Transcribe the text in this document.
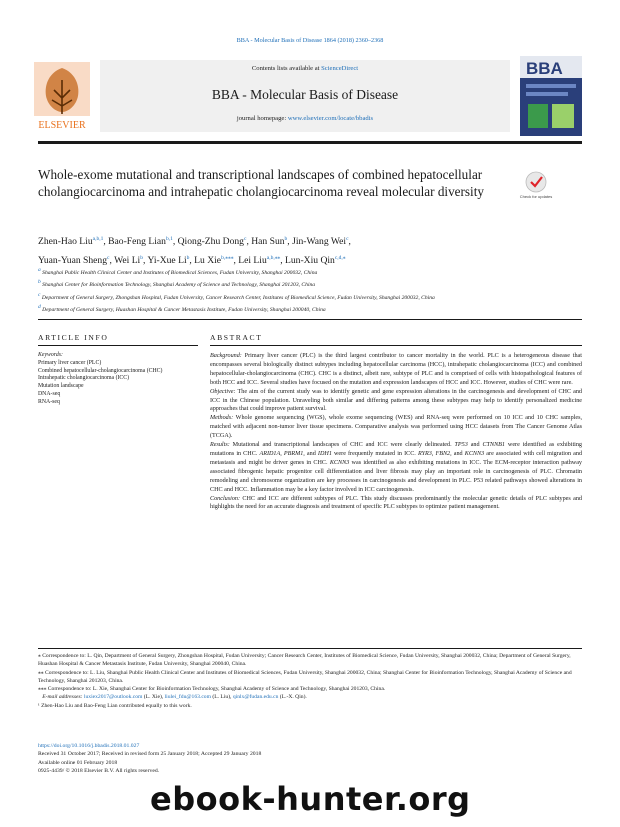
BBA - Molecular Basis of Disease 1864 (2018) 2360–2368
ELSEVIER
Contents lists available at ScienceDirect
BBA - Molecular Basis of Disease
journal homepage: www.elsevier.com/locate/bbadis
BBA
Whole-exome mutational and transcriptional landscapes of combined hepatocellular cholangiocarcinoma and intrahepatic cholangiocarcinoma reveal molecular diversity	Check for updates
Zhen-Hao Liu$^{a,b,1}$, Bao-Feng Lian$^{b,1}$, Qiong-Zhu Dong$^c$, Han Sun$^b$, Jin-Wang Wei$^c$,
Yuan-Yuan Sheng$^c$, Wei Li$^b$, Yi-Xue Li$^b$, Lu Xie$^{b,⁎⁎⁎}$, Lei Liu$^{a,b,⁎⁎}$, Lun-Xiu Qin$^{c,d,⁎}$
$^a$ Shanghai Public Health Clinical Center and Institutes of Biomedical Sciences, Fudan University, Shanghai 200032, China
$^b$ Shanghai Center for Bioinformation Technology, Shanghai Academy of Science and Technology, Shanghai 201203, China
$^c$ Department of General Surgery, Zhongshan Hospital, Fudan University, Cancer Research Center, Institutes of Biomedical Science, Fudan University, Shanghai 200032, China
$^d$ Department of General Surgery, Huashan Hospital & Cancer Metastasis Institute, Fudan University, Shanghai 200040, China
ARTICLE INFO	ABSTRACT
Keywords:
Primary liver cancer (PLC)
Combined hepatocellular-cholangiocarcinoma (CHC)
Intrahepatic cholangiocarcinoma (ICC)
Mutation landscape
DNA-seq
RNA-seq

Background: Primary liver cancer (PLC) is the third largest contributor to cancer mortality in the world. PLC is a heterogeneous disease that encompasses several biologically distinct subtypes including hepatocellular carcinoma (HCC), intrahepatic cholangiocarcinoma (ICC) and combined hepatocellular-cholangiocarcinoma (CHC). CHC is a distinct, albeit rare, subtype of PLC and is comprised of cells with histopathological features of both HCC and ICC. Several studies have focused on the mutation and expression landscapes of HCC and ICC. However, studies of CHC were rare.

Objective: The aim of the current study was to identify genetic and gene expression alterations in the carcinogenesis and development of CHC and ICC in the Chinese population. Unraveling both similar and differing patterns among these subtypes may help to identify personalized medicine approaches that could improve patient survival.

Methods: Whole genome sequencing (WGS), whole exome sequencing (WES) and RNA-seq were performed on 10 ICC and 10 CHC samples, matched with adjacent non-tumor liver tissue specimens. Comparative analysis was performed using HCC datasets from The Cancer Genome Atlas (TCGA).

Results: Mutational and transcriptional landscapes of CHC and ICC were clearly delineated. TP53 and CTNNB1 were identified as exhibiting mutations in CHC. ARID1A, PBRM1, and IDH1 were frequently mutated in ICC. RYR3, FBN2, and KCNN3 are associated with cell migration and metastasis and might be driver genes in CHC. KCNN3 was identified as also exhibiting mutations in ICC. The ECM-receptor interaction pathway associated fibrogenic hepatic progenitor cell differentiation and liver fibrosis may play an important role in carcinogenesis of PLC. Chromatin remodeling and chromosome organization are key processes in carcinogenesis and development in PLC. P53 related pathways showed alterations in CHC and HCC. Inflammation may be a key factor involved in ICC carcinogenesis.

Conclusion: CHC and ICC are different subtypes of PLC. This study discusses predominantly the molecular genetic details of PLC subtypes and highlights the need for an accurate diagnosis and treatment of specific PLC subtypes to optimize patient management.

⁎ Correspondence to: L. Qin, Department of General Surgery, Zhongshan Hospital, Fudan University; Cancer Research Center, Institutes of Biomedical Science, Fudan University, Shanghai 200032, China; Department of General Surgery, Huashan Hospital & Cancer Metastasis Institute, Fudan University, Shanghai 200040, China.

⁎⁎ Correspondence to: L. Liu, Shanghai Public Health Clinical Center and Institutes of Biomedical Sciences, Fudan University, Shanghai 200032, China; Shanghai Center for Bioinformation Technology, Shanghai Academy of Science and Technology, Shanghai 201203, China.

⁎⁎⁎ Correspondence to: L. Xie, Shanghai Center for Bioinformation Technology, Shanghai Academy of Science and Technology, Shanghai 201203, China.

E-mail addresses: luxiex2017@outlook.com (L. Xie), liulei_fdu@163.com (L. Liu), qinlx@fudan.edu.cn (L.-X. Qin).

¹ Zhen-Hao Liu and Bao-Feng Lian contributed equally to this work.

https://doi.org/10.1016/j.bbadis.2018.01.027
Received 31 October 2017; Received in revised form 25 January 2018; Accepted 29 January 2018
Available online 01 February 2018
0925-4439/ © 2018 Elsevier B.V. All rights reserved.
ebook-hunter.org
